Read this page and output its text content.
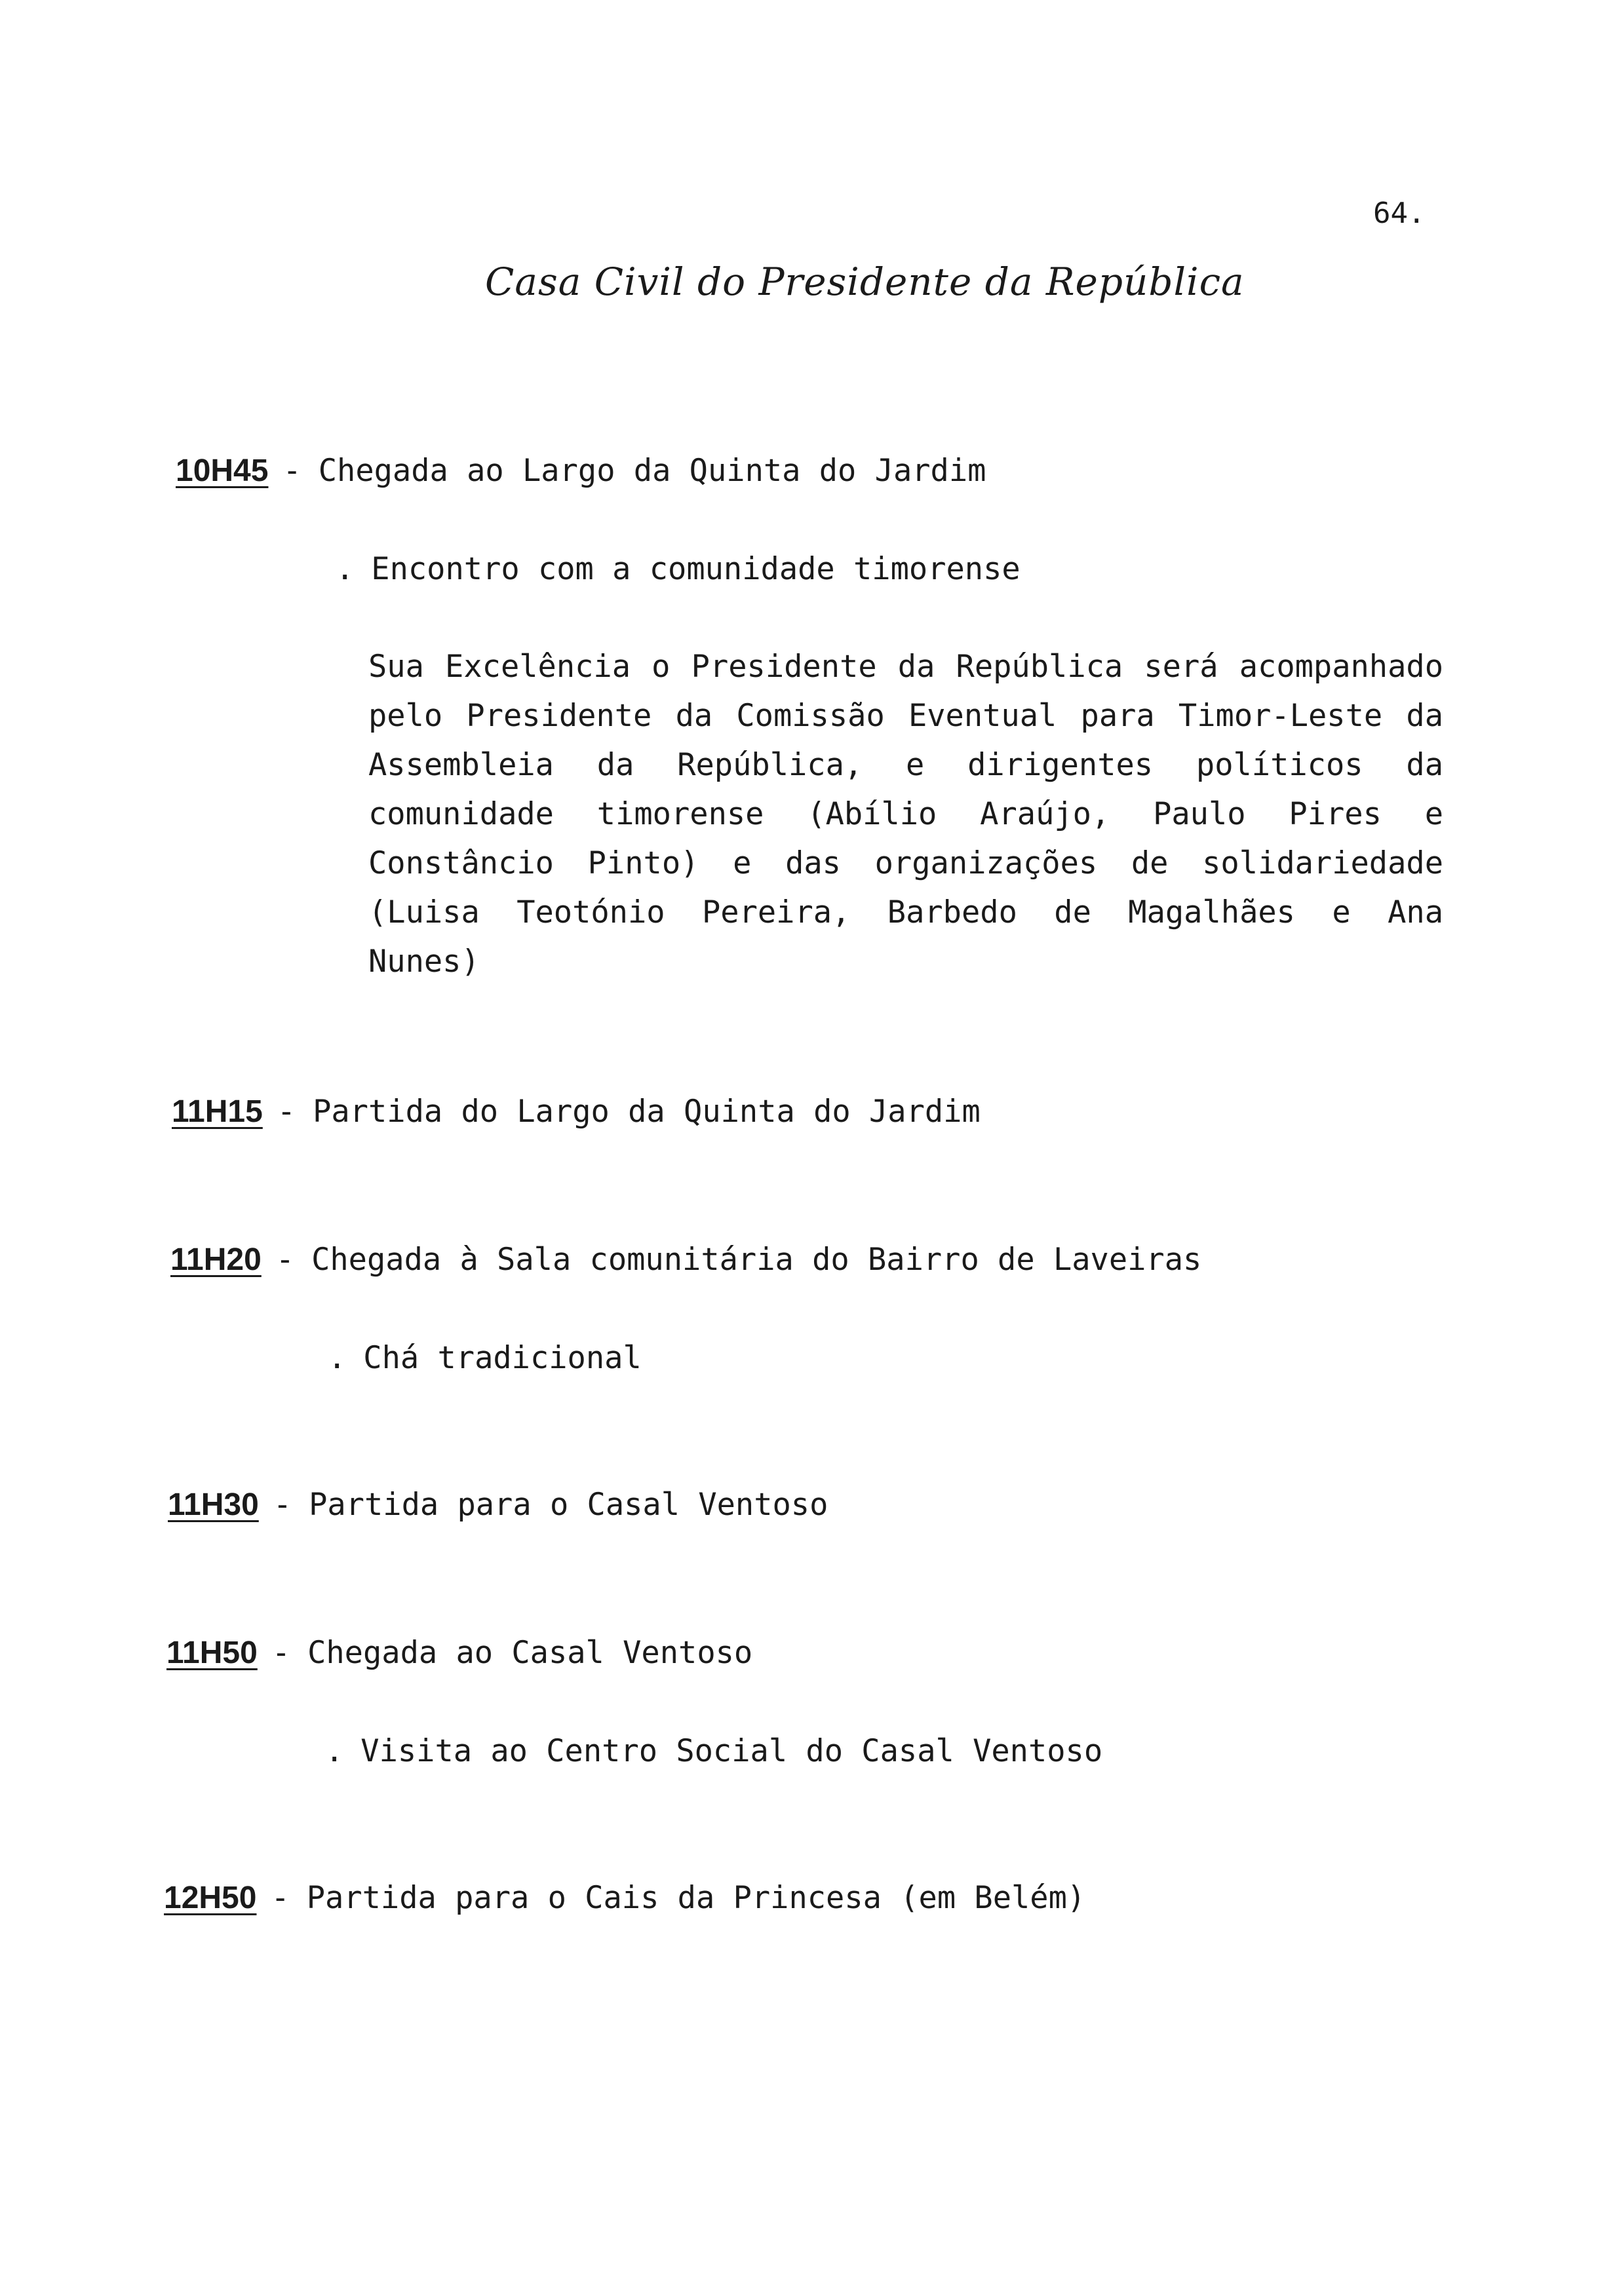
64.
Casa Civil do Presidente da República
10H45 - Chegada ao Largo da Quinta do Jardim
. Encontro com a comunidade timorense
Sua Excelência o Presidente da República será acompanhado pelo Presidente da Comissão Eventual para Timor-Leste da Assembleia da República, e dirigentes políticos da comunidade timorense (Abílio Araújo, Paulo Pires e Constâncio Pinto) e das organizações de solidariedade (Luisa Teotónio Pereira, Barbedo de Magalhães e Ana Nunes)
11H15 - Partida do Largo da Quinta do Jardim
11H20 - Chegada à Sala comunitária do Bairro de Laveiras
. Chá tradicional
11H30 - Partida para o Casal Ventoso
11H50 - Chegada ao Casal Ventoso
. Visita ao Centro Social do Casal Ventoso
12H50 - Partida para o Cais da Princesa (em Belém)
